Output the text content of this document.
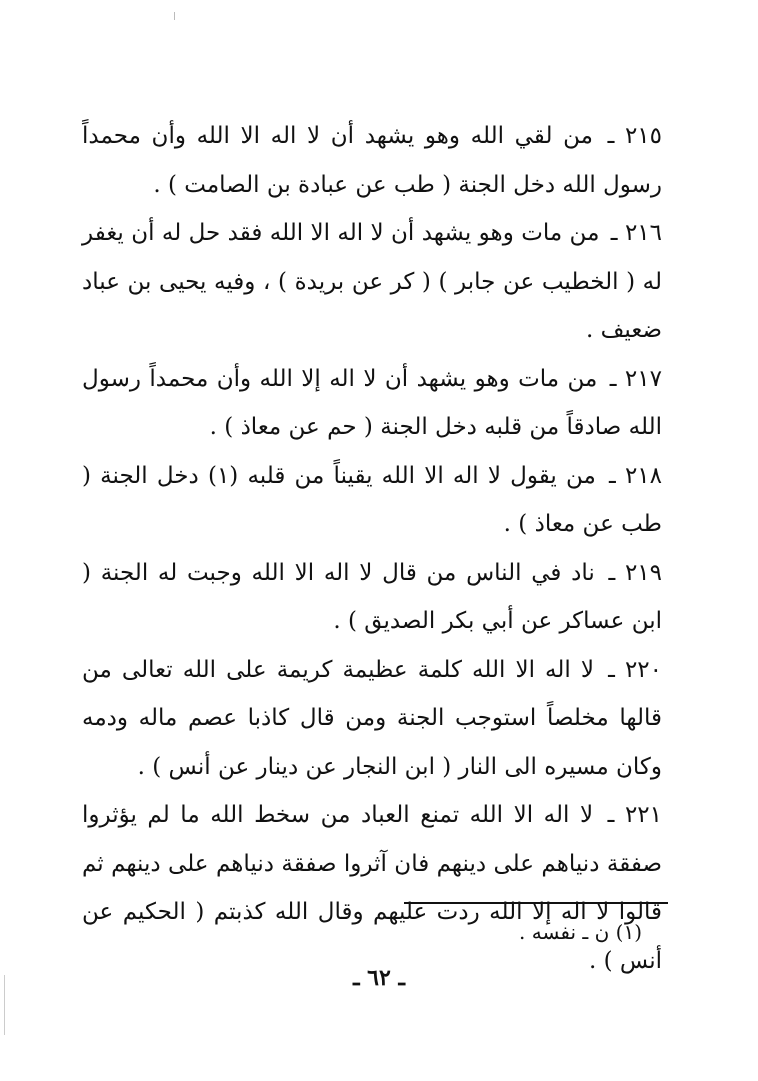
٢١٥ ـ من لقي الله وهو يشهد أن لا اله الا الله وأن محمداً رسول الله دخل الجنة ( طب عن عبادة بن الصامت ) .

٢١٦ ـ من مات وهو يشهد أن لا اله الا الله فقد حل له أن يغفر له ( الخطيب عن جابر ) ( كر عن بريدة ) ، وفيه يحيى بن عباد ضعيف .

٢١٧ ـ من مات وهو يشهد أن لا اله إلا الله وأن محمداً رسول الله صادقاً من قلبه دخل الجنة ( حم عن معاذ ) .

٢١٨ ـ من يقول لا اله الا الله يقيناً من قلبه (١) دخل الجنة ( طب عن معاذ ) .

٢١٩ ـ ناد في الناس من قال لا اله الا الله وجبت له الجنة ( ابن عساكر عن أبي بكر الصديق ) .

٢٢٠ ـ لا اله الا الله كلمة عظيمة كريمة على الله تعالى من قالها مخلصاً استوجب الجنة ومن قال كاذبا عصم ماله ودمه وكان مسيره الى النار ( ابن النجار عن دينار عن أنس ) .

٢٢١ ـ لا اله الا الله تمنع العباد من سخط الله ما لم يؤثروا صفقة دنياهم على دينهم فان آثروا صفقة دنياهم على دينهم ثم قالوا لا اله إلا الله ردت عليهم وقال الله كذبتم ( الحكيم عن أنس ) .

(١) ن ـ نفسه .
ـ ٦٢ ـ
